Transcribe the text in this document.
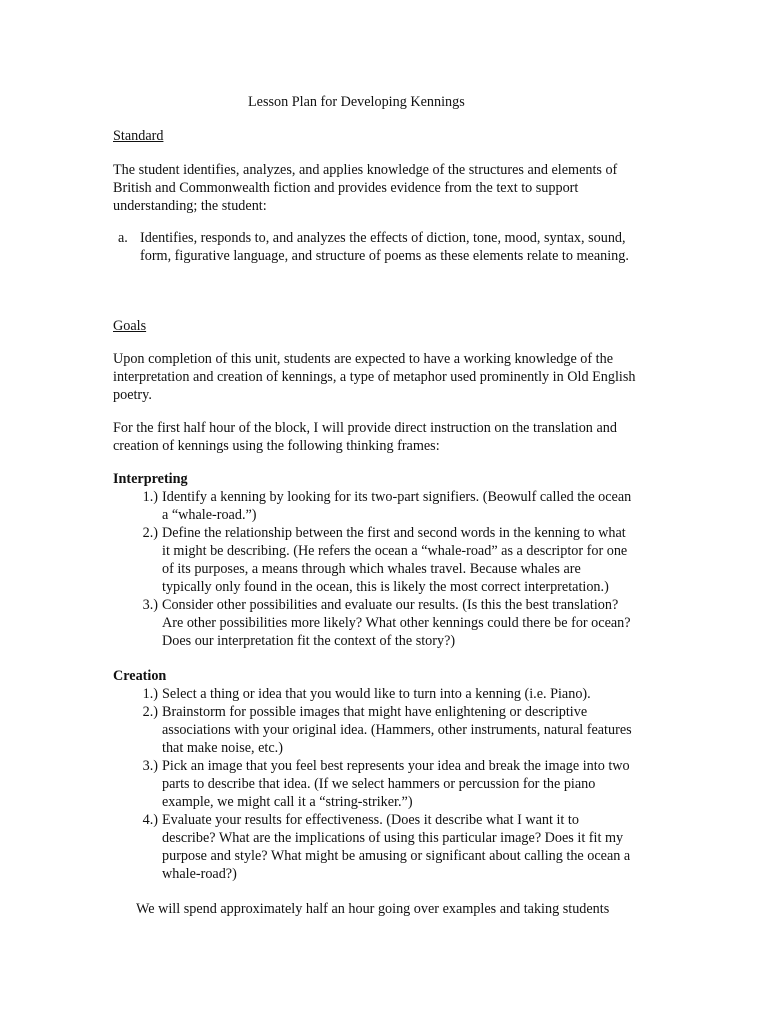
Lesson Plan for Developing Kennings

Standard

The student identifies, analyzes, and applies knowledge of the structures and elements of British and Commonwealth fiction and provides evidence from the text to support understanding; the student:

a. Identifies, responds to, and analyzes the effects of diction, tone, mood, syntax, sound, form, figurative language, and structure of poems as these elements relate to meaning.

Goals

Upon completion of this unit, students are expected to have a working knowledge of the interpretation and creation of kennings, a type of metaphor used prominently in Old English poetry.

For the first half hour of the block, I will provide direct instruction on the translation and creation of kennings using the following thinking frames:

Interpreting

1.) Identify a kenning by looking for its two-part signifiers. (Beowulf called the ocean a “whale-road.”)
2.) Define the relationship between the first and second words in the kenning to what it might be describing. (He refers the ocean a “whale-road” as a descriptor for one of its purposes, a means through which whales travel. Because whales are typically only found in the ocean, this is likely the most correct interpretation.)
3.) Consider other possibilities and evaluate our results. (Is this the best translation? Are other possibilities more likely? What other kennings could there be for ocean? Does our interpretation fit the context of the story?)

Creation

1.) Select a thing or idea that you would like to turn into a kenning (i.e. Piano).
2.) Brainstorm for possible images that might have enlightening or descriptive associations with your original idea. (Hammers, other instruments, natural features that make noise, etc.)
3.) Pick an image that you feel best represents your idea and break the image into two parts to describe that idea. (If we select hammers or percussion for the piano example, we might call it a “string-striker.”)
4.) Evaluate your results for effectiveness. (Does it describe what I want it to describe? What are the implications of using this particular image? Does it fit my purpose and style? What might be amusing or significant about calling the ocean a whale-road?)

We will spend approximately half an hour going over examples and taking students
